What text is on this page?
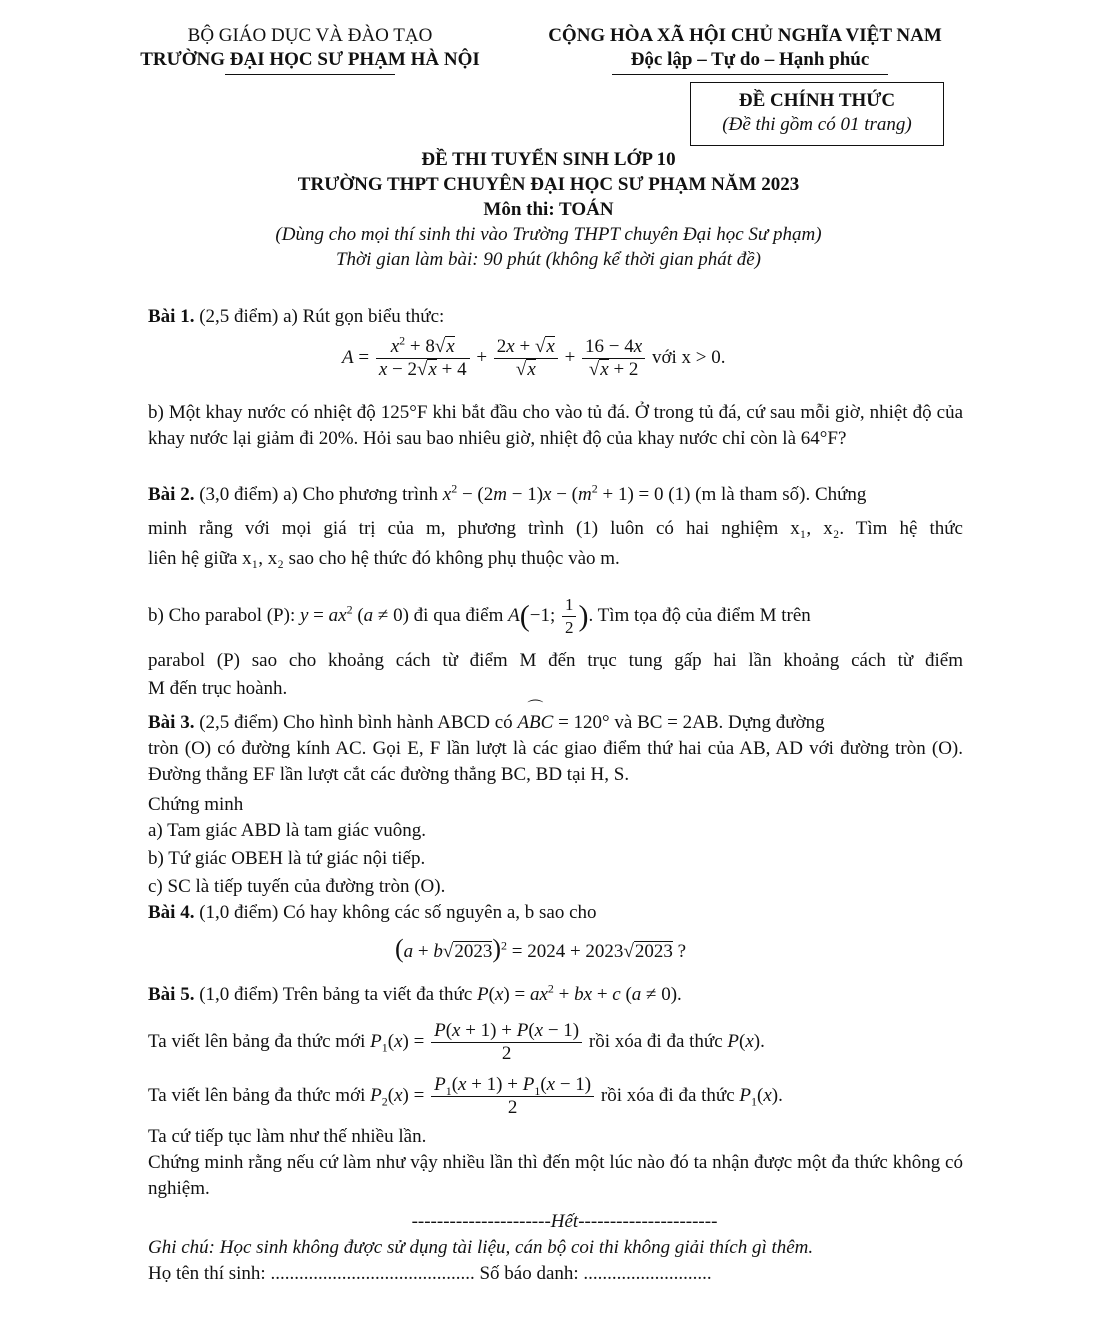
BỘ GIÁO DỤC VÀ ĐÀO TẠO
TRƯỜNG ĐẠI HỌC SƯ PHẠM HÀ NỘI
CỘNG HÒA XÃ HỘI CHỦ NGHĨA VIỆT NAM
Độc lập – Tự do – Hạnh phúc
ĐỀ CHÍNH THỨC
(Đề thi gồm có 01 trang)
ĐỀ THI TUYỂN SINH LỚP 10
TRƯỜNG THPT CHUYÊN ĐẠI HỌC SƯ PHẠM NĂM 2023
Môn thi: TOÁN
(Dùng cho mọi thí sinh thi vào Trường THPT chuyên Đại học Sư phạm)
Thời gian làm bài: 90 phút (không kể thời gian phát đề)
Bài 1. (2,5 điểm) a) Rút gọn biểu thức:
$A = \frac{x^2 + 8√x}{x - 2√x + 4} + \frac{2x + √x}{√x} + \frac{16 - 4x}{√x + 2}$ với x > 0.
b) Một khay nước có nhiệt độ 125°F khi bắt đầu cho vào tủ đá. Ở trong tủ đá, cứ sau mỗi giờ, nhiệt độ của khay nước lại giảm đi 20%. Hỏi sau bao nhiêu giờ, nhiệt độ của khay nước chỉ còn là 64°F?
Bài 2. (3,0 điểm) a) Cho phương trình $x^2 - (2m - 1)x - (m^2 + 1) = 0$ (1) (m là tham số). Chứng
minh rằng với mọi giá trị của m, phương trình (1) luôn có hai nghiệm x₁, x₂. Tìm hệ thức
liên hệ giữa x₁, x₂ sao cho hệ thức đó không phụ thuộc vào m.
b) Cho parabol (P): $y = ax^2$ (a ≠ 0) đi qua điểm A(−1; $\frac{1}{2}$ ). Tìm tọa độ của điểm M trên
parabol (P) sao cho khoảng cách từ điểm M đến trục tung gấp hai lần khoảng cách từ điểm
M đến trục hoành.
Bài 3. (2,5 điểm) Cho hình bình hành ABCD có ABC
⌒
= 120° và BC = 2AB. Dựng đường
tròn (O) có đường kính AC. Gọi E, F lần lượt là các giao điểm thứ hai của AB, AD với đường tròn (O). Đường thẳng EF lần lượt cắt các đường thẳng BC, BD tại H, S.
Chứng minh
a) Tam giác ABD là tam giác vuông.
b) Tứ giác OBEH là tứ giác nội tiếp.
c) SC là tiếp tuyến của đường tròn (O).
Bài 4. (1,0 điểm) Có hay không các số nguyên a, b sao cho
$(a + b√2023)^2 = 2024 + 2023√2023$ ?
Bài 5. (1,0 điểm) Trên bảng ta viết đa thức $P(x) = ax^2$ + bx + c (a ≠ 0).
Ta viết lên bảng đa thức mới $P_1(x) = \frac{P(x + 1) + P(x - 1)}{2}$ rồi xóa đi đa thức P(x).
Ta viết lên bảng đa thức mới $P_2(x) = \frac{P_1(x + 1) + P_1(x - 1)}{2}$ rồi xóa đi đa thức $P_1(x)$.
Ta cứ tiếp tục làm như thế nhiều lần.
Chứng minh rằng nếu cứ làm như vậy nhiều lần thì đến một lúc nào đó ta nhận được một đa thức không có nghiệm.
----------------------Hết----------------------
Ghi chú: Học sinh không được sử dụng tài liệu, cán bộ coi thi không giải thích gì thêm.
Họ tên thí sinh: ........................................... Số báo danh: ...........................
